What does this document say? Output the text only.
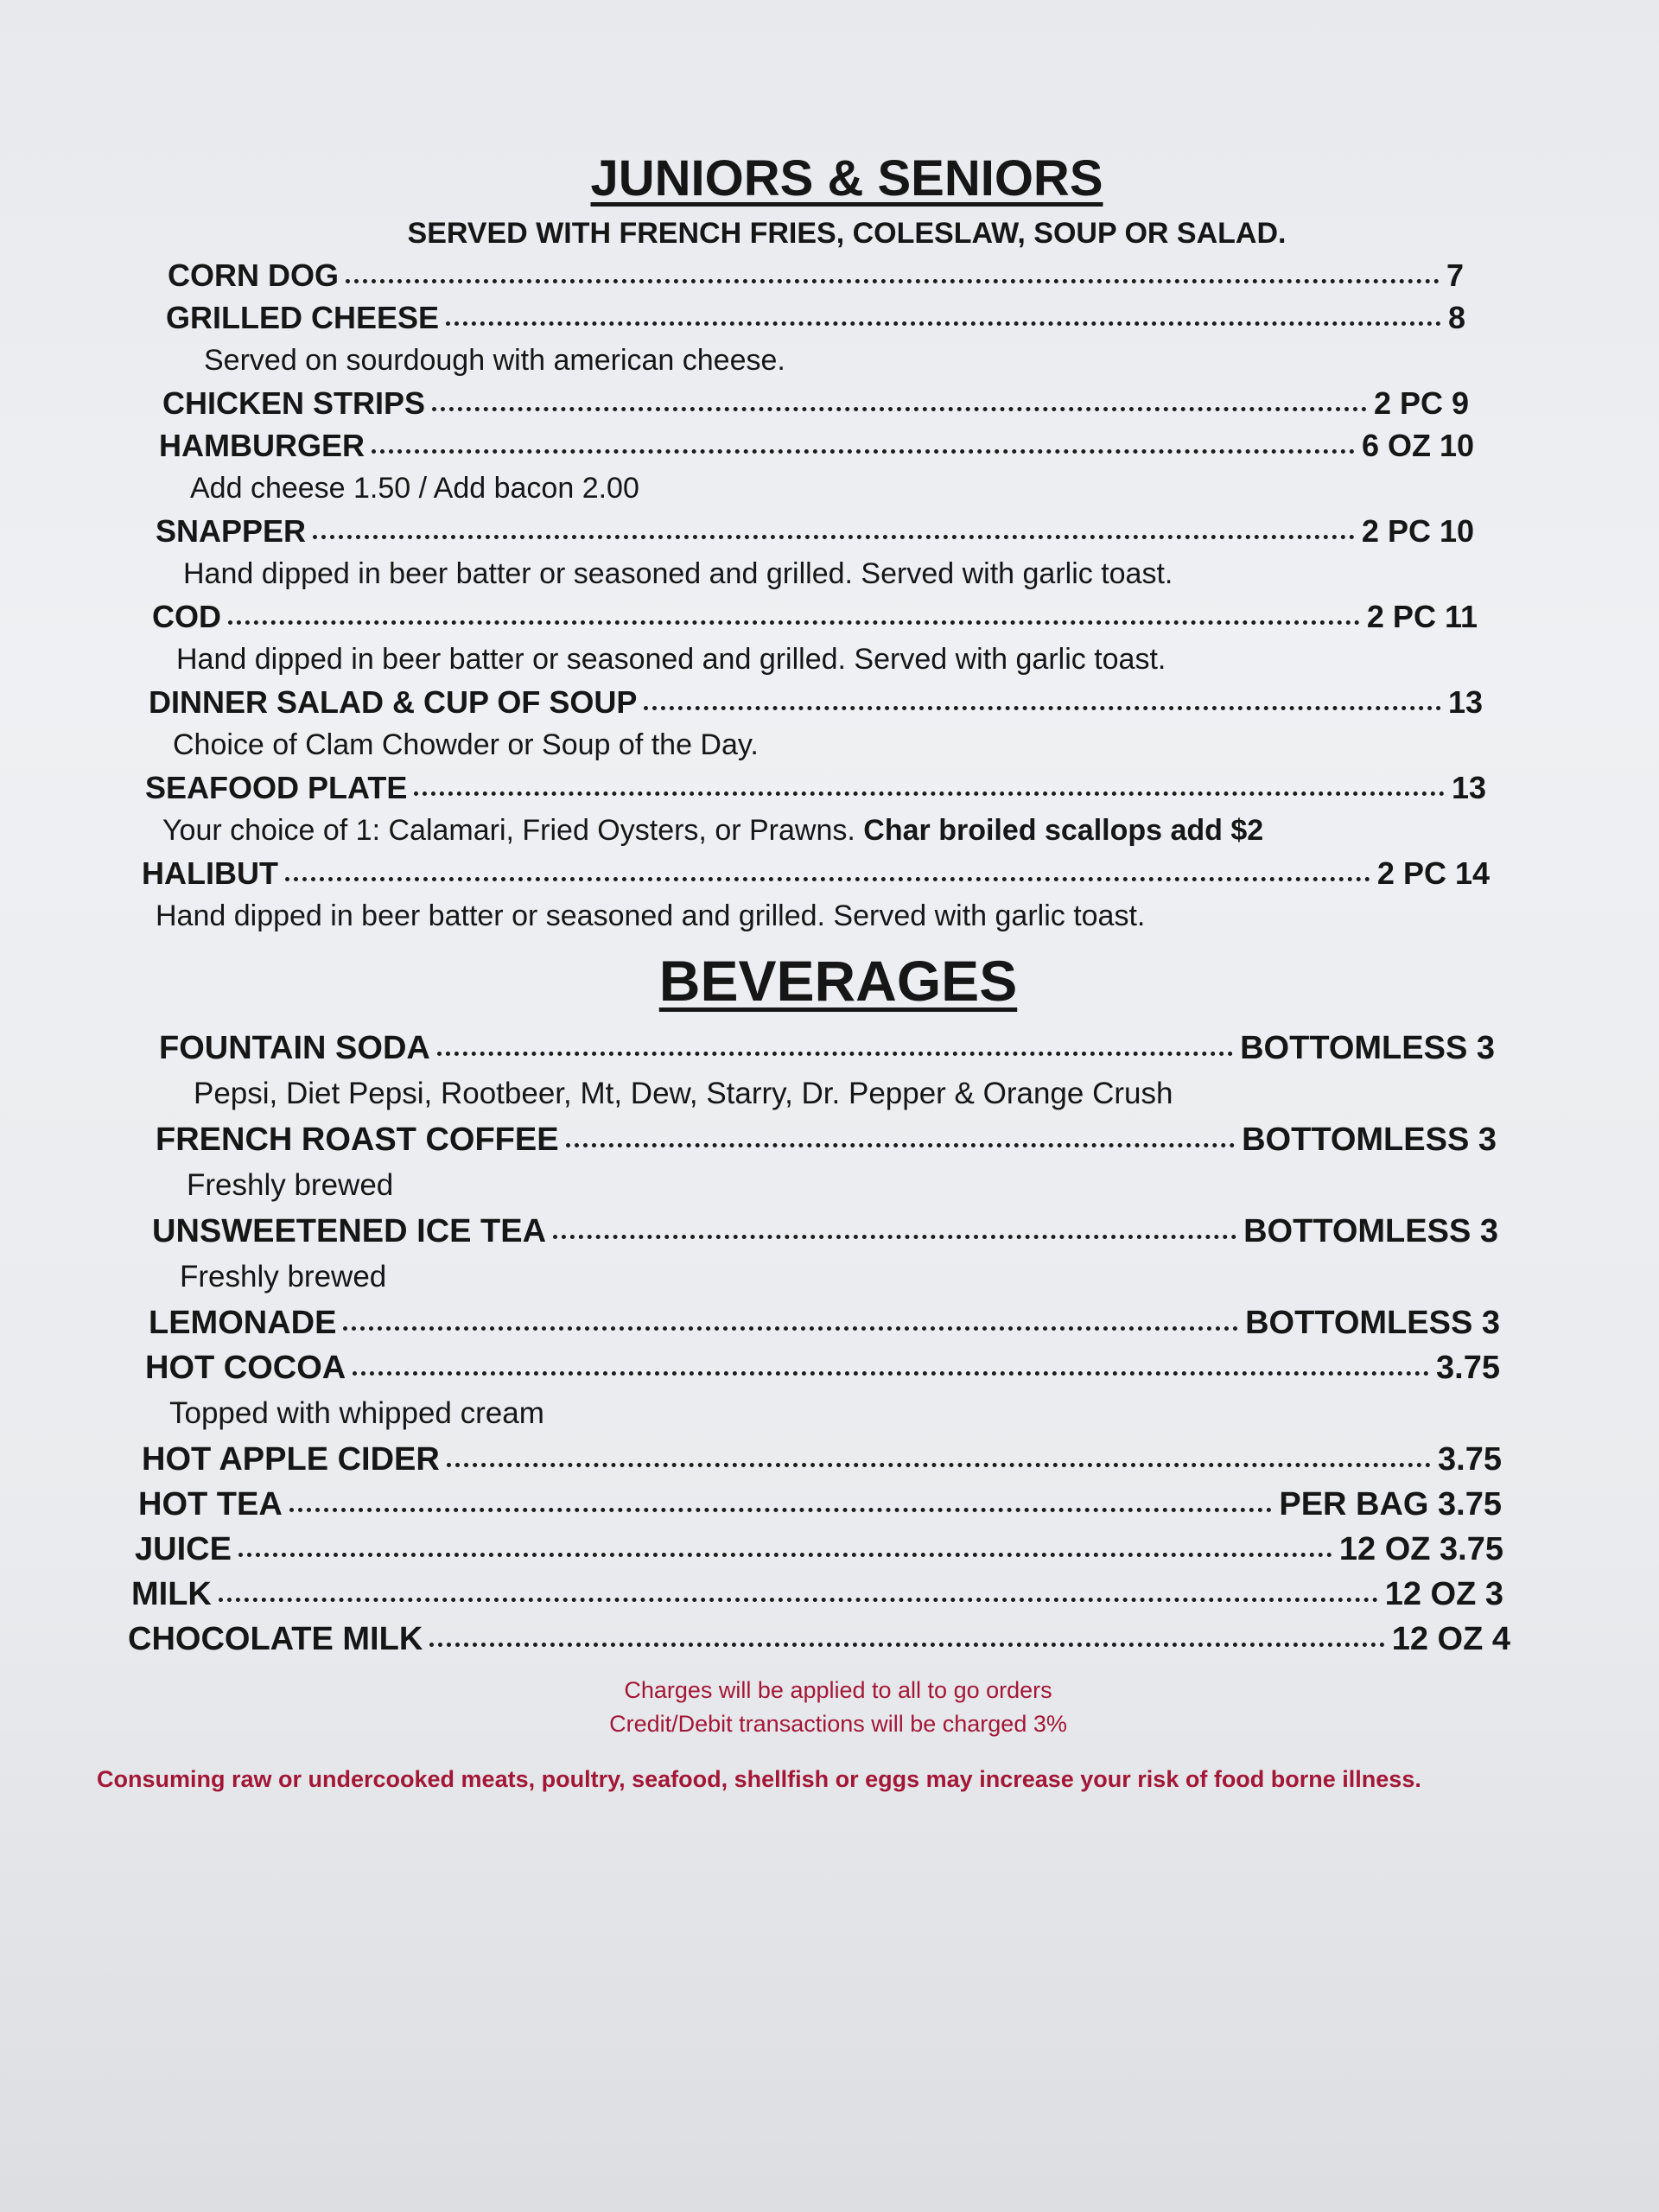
JUNIORS & SENIORS

SERVED WITH FRENCH FRIES, COLESLAW, SOUP OR SALAD.

CORN DOG	7
GRILLED CHEESE	8
Served on sourdough with american cheese.
CHICKEN STRIPS	2 PC 9
HAMBURGER	6 OZ 10
Add cheese 1.50 / Add bacon 2.00
SNAPPER	2 PC 10
Hand dipped in beer batter or seasoned and grilled. Served with garlic toast.
COD	2 PC 11
Hand dipped in beer batter or seasoned and grilled. Served with garlic toast.
DINNER SALAD & CUP OF SOUP	13
Choice of Clam Chowder or Soup of the Day.
SEAFOOD PLATE	13
Your choice of 1: Calamari, Fried Oysters, or Prawns. Char broiled scallops add $2
HALIBUT	2 PC 14
Hand dipped in beer batter or seasoned and grilled. Served with garlic toast.
BEVERAGES
FOUNTAIN SODA	BOTTOMLESS 3
Pepsi, Diet Pepsi, Rootbeer, Mt, Dew, Starry, Dr. Pepper & Orange Crush
FRENCH ROAST COFFEE	BOTTOMLESS 3
Freshly brewed
UNSWEETENED ICE TEA	BOTTOMLESS 3
Freshly brewed
LEMONADE	BOTTOMLESS 3
HOT COCOA	3.75
Topped with whipped cream
HOT APPLE CIDER	3.75
HOT TEA	PER BAG 3.75
JUICE	12 OZ 3.75
MILK	12 OZ 3
CHOCOLATE MILK	12 OZ 4
Charges will be applied to all to go orders
Credit/Debit transactions will be charged 3%
Consuming raw or undercooked meats, poultry, seafood, shellfish or eggs may increase your risk of food borne illness.
